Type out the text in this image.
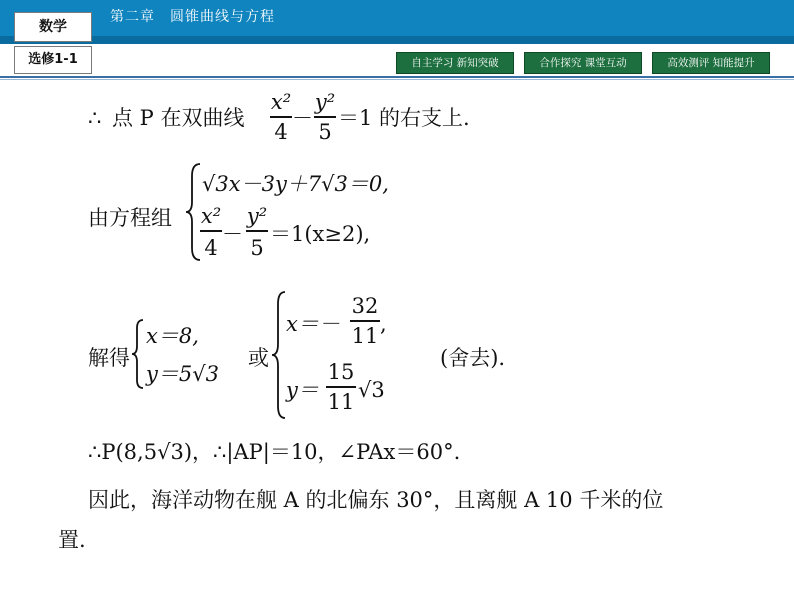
数学
第二章　圆锥曲线与方程
选修1-1	自主学习 新知突破	合作探究 课堂互动	高效测评 知能提升
∴ 点 P 在双曲线
x²
4
－
y²
5
＝1 的右支上.
由方程组
√3x－3y＋7√3＝0,
x²
4
－
y²
5
＝1(x≥2),
解得
x＝8,
y＝5√3
或
x＝－
32
11 ,
y＝
15
11 √3
(舍去).
∴P(8,5√3)，∴|AP|＝10，∠PAx＝60°.
因此，海洋动物在舰 A 的北偏东 30°，且离舰 A 10 千米的位
置.
